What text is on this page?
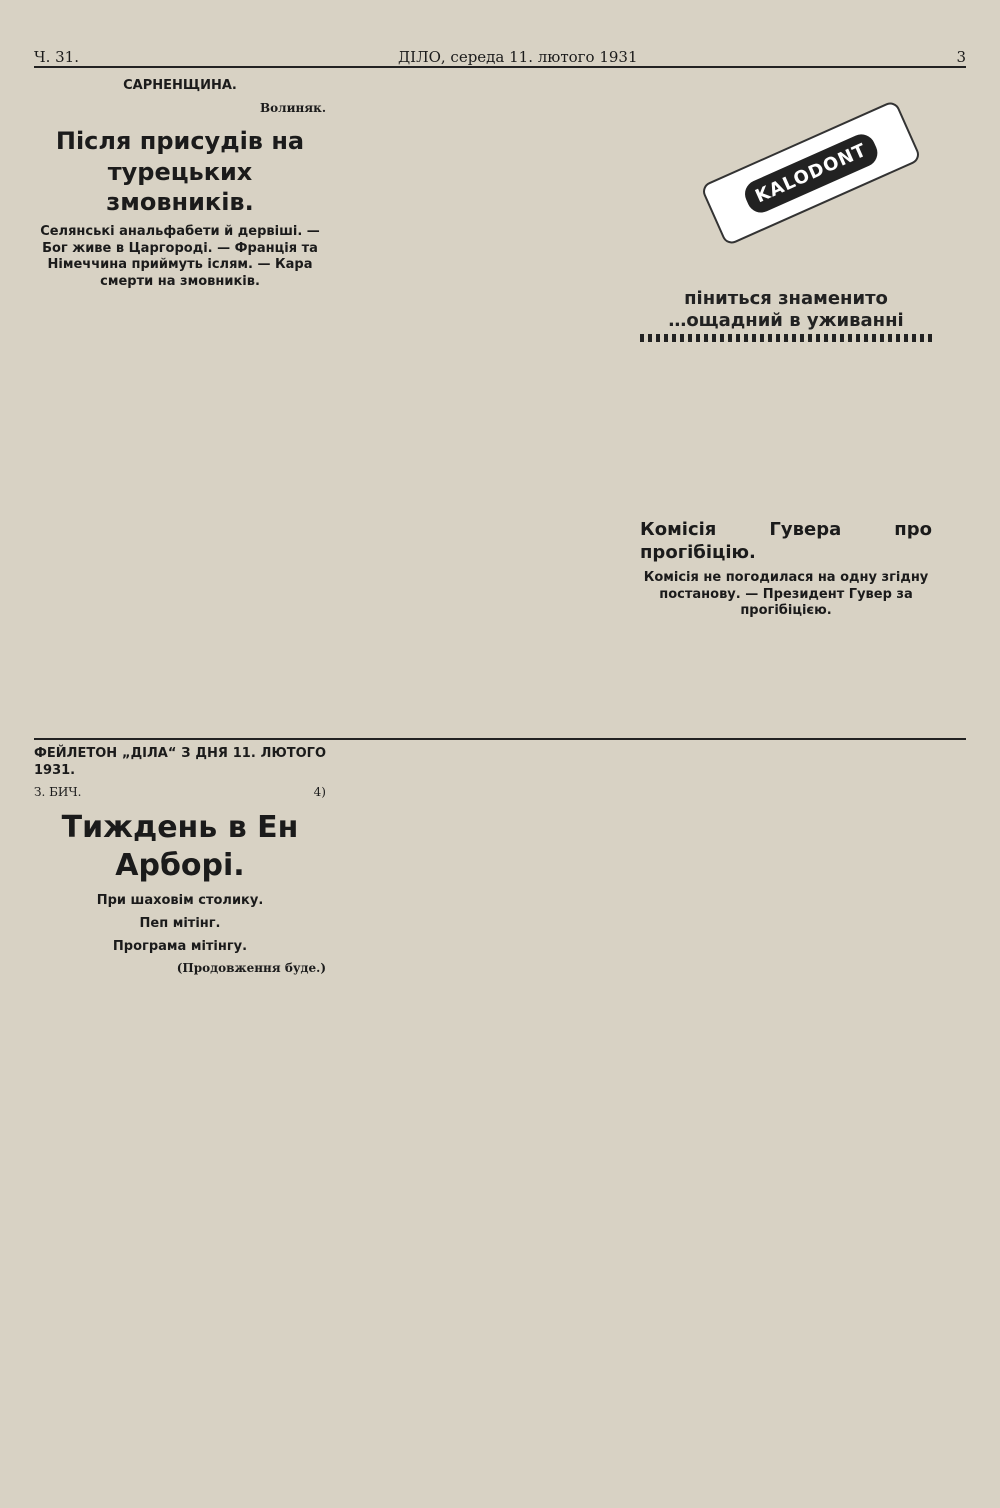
Ч. 31.	ДІЛО, середа 11. лютого 1931	3
САРНЕНЩИНА.
Волиняк.
Після присудів на турецьких змовників.
Селянські анальфабети й дервіші. — Бог живе в Царгороді. — Франція та Німеччина приймуть іслям. — Кара смерти на змовників.
KALODONT
піниться знаменито
…ощадний в уживанні
Комісія Гувера про прогібіцію.
Комісія не погодилася на одну згідну постанову. — Президент Гувер за прогібіцією.
ФЕЙЛЕТОН „ДІЛА“ З ДНЯ 11. ЛЮТОГО 1931.
З. БИЧ.	4)
Тиждень в Ен Арборі.
При шаховім столику.
Пеп мітінг.
Програма мітінгу.
(Продовження буде.)
